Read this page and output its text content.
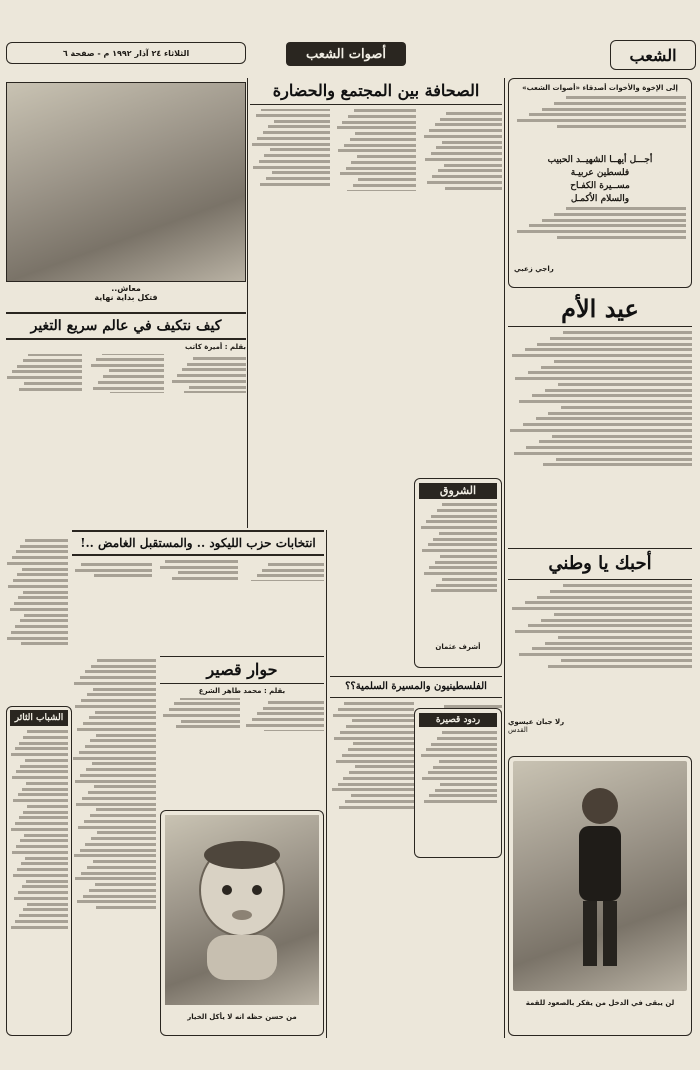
الشعب
أصوات الشعب
الثلاثاء ٢٤ آذار ١٩٩٢ م - صفحة ٦
إلى الإخوة والأخوات أصدقاء «أصوات الشعب»
أجـــل أيهــا الشهيــد الحبيب
فلسطين عربيـة
مســيرة الكفـاح
والسلام الأكمـل
راجي زعبي
عيد الأم
أحبك يا وطني
رلا جبان عيسوي
القدس
لن يبقى في الدخل من يفكر بالصعود للقمة
الصحافة بين المجتمع والحضارة
الشروق
أشرف عثمان
الفلسطينيون والمسيرة السلمية؟؟
ردود قصيرة
معاش..
فتكل بداية نهاية
كيف نتكيف في عالم سريع التغير
بقلم : أميرة كاتب
انتخابات حزب الليكود .. والمستقبل الغامض ..!
حوار قصير
بقلم : محمد طاهر الشرع
من حسن حظه انه لا يأكل الخيار
الشباب الثائر
